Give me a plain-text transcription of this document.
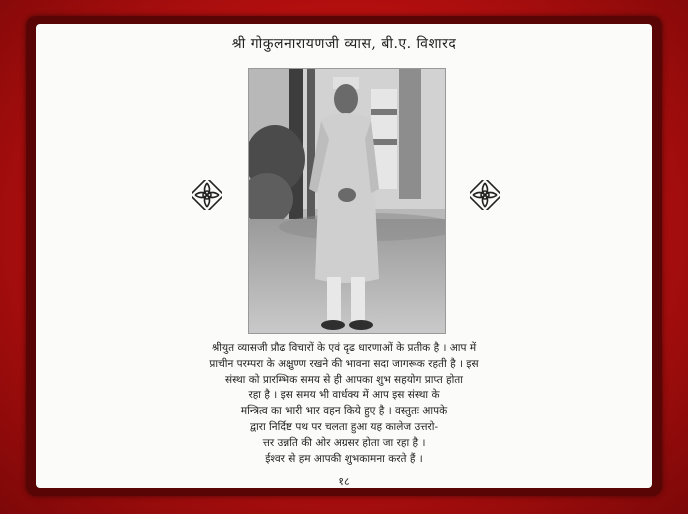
श्री गोकुलनारायणजी व्यास, बी.ए. विशारद
श्रीयुत व्यासजी प्रौढ विचारों के एवं दृढ धारणाओं के प्रतीक है । आप में
प्राचीन परम्परा के अक्षुण्ण रखने की भावना सदा जागरूक रहती है । इस
संस्था को प्रारम्भिक समय से ही आपका शुभ सहयोग प्राप्त होता
रहा है । इस समय भी वार्धक्य में आप इस संस्था के
मन्त्रित्व का भारी भार वहन किये हुए है । वस्तुतः आपके
द्वारा निर्दिष्ट पथ पर चलता हुआ यह कालेज उत्तरो-
त्तर उन्नति की ओर अग्रसर होता जा रहा है ।
ईश्वर से हम आपकी शुभकामना करते हैं ।
१८
